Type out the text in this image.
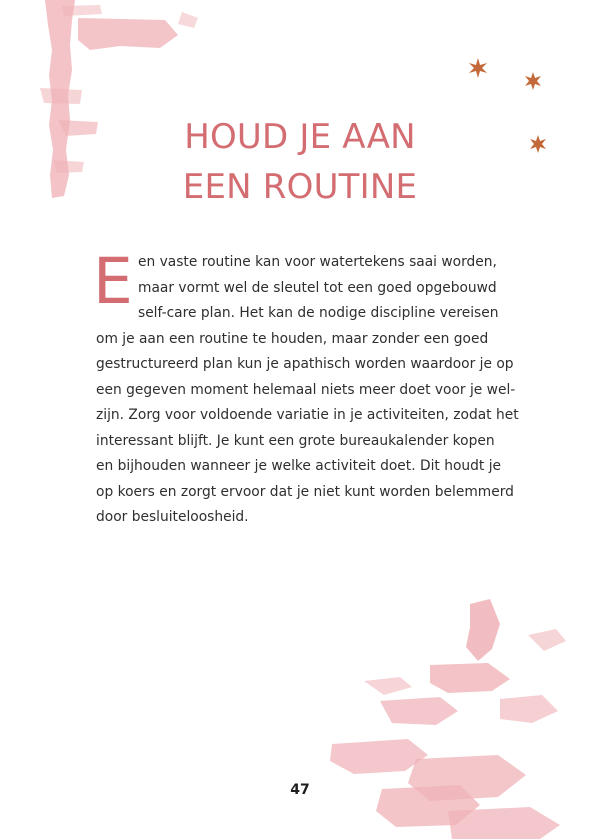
HOUD JE AAN
EEN ROUTINE
E en vaste routine kan voor watertekens saai worden,
maar vormt wel de sleutel tot een goed opgebouwd
self-care plan. Het kan de nodige discipline vereisen
om je aan een routine te houden, maar zonder een goed
gestructureerd plan kun je apathisch worden waardoor je op
een gegeven moment helemaal niets meer doet voor je wel-
zijn. Zorg voor voldoende variatie in je activiteiten, zodat het
interessant blijft. Je kunt een grote bureaukalender kopen
en bijhouden wanneer je welke activiteit doet. Dit houdt je
op koers en zorgt ervoor dat je niet kunt worden belemmerd
door besluiteloosheid.
47
